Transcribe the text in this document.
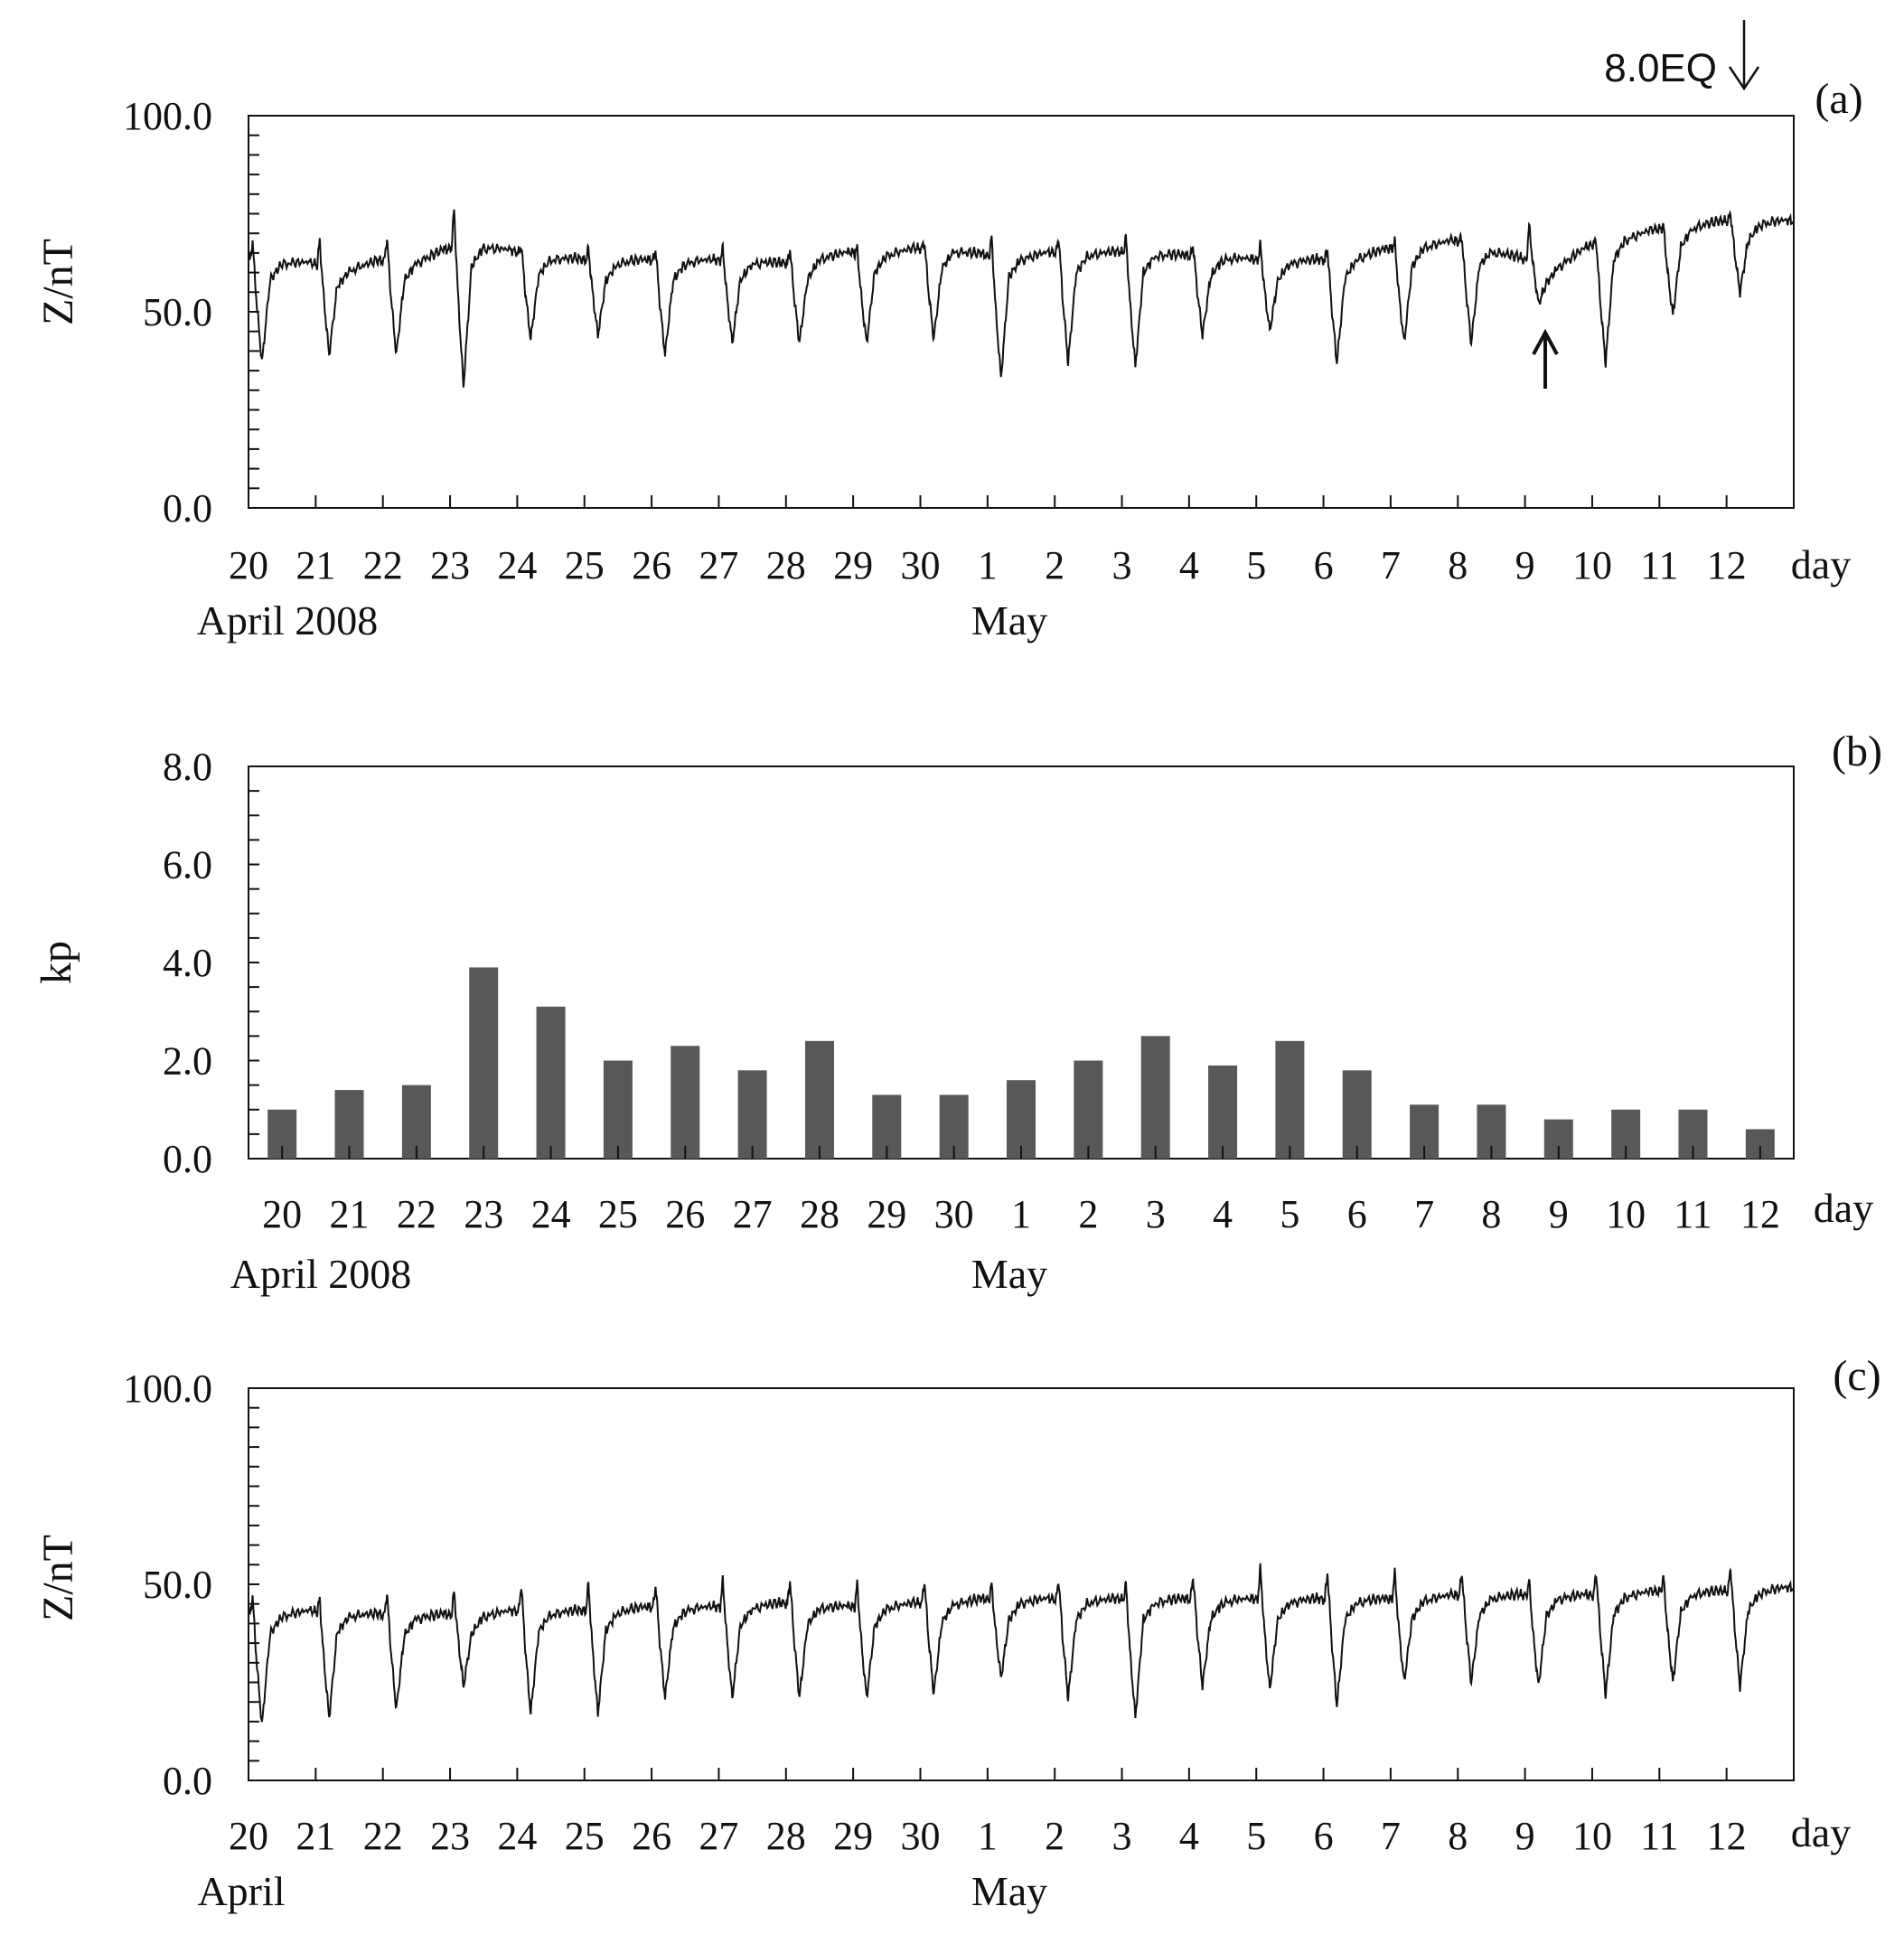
0.0
50.0
100.0
20 21 22 23 24 25 26 27 28 29 30 1 2 3 4 5 6 7 8 9 10 11 12
Z/nT
(a)
day
April 2008	May
8.0EQ
0.0
2.0
4.0
6.0
8.0
20 21 22 23 24 25 26 27 28 29 30 1 2 3 4 5 6 7 8 9 10 11 12
kp
(b)
day
April 2008	May
0.0
50.0
100.0
20 21 22 23 24 25 26 27 28 29 30 1 2 3 4 5 6 7 8 9 10 11 12
Z/nT
(c)
day
April	May
